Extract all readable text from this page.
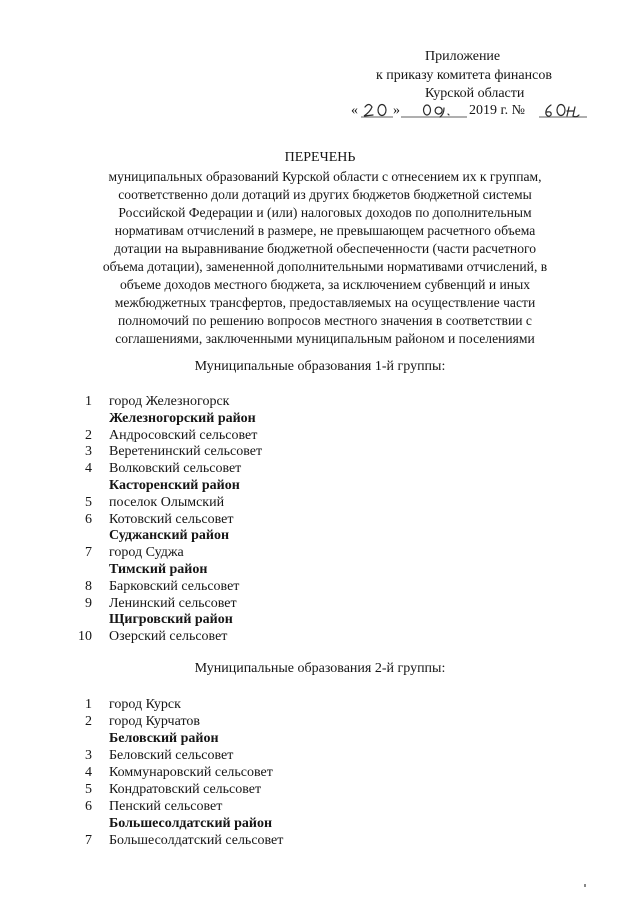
Приложение
к приказу комитета финансов
Курской области
«	»	2019 г. №
ПЕРЕЧЕНЬ
муниципальных образований Курской области с отнесением их к группам,
соответственно доли дотаций из других бюджетов бюджетной системы
Российской Федерации и (или) налоговых доходов по дополнительным
нормативам отчислений в размере, не превышающем расчетного объема
дотации на выравнивание бюджетной обеспеченности (части расчетного
объема дотации), замененной дополнительными нормативами отчислений, в
объеме доходов местного бюджета, за исключением субвенций и иных
межбюджетных трансфертов, предоставляемых на осуществление части
полномочий по решению вопросов местного значения в соответствии с
соглашениями, заключенными муниципальным районом и поселениями
Муниципальные образования 1-й группы:
1 город Железногорск
Железногорский район
2 Андросовский сельсовет
3 Веретенинский сельсовет
4 Волковский сельсовет
Касторенский район
5 поселок Олымский
6 Котовский сельсовет
Суджанский район
7 город Суджа
Тимский район
8 Барковский сельсовет
9 Ленинский сельсовет
Щигровский район
10 Озерский сельсовет
Муниципальные образования 2-й группы:
1 город Курск
2 город Курчатов
Беловский район
3 Беловский сельсовет
4 Коммунаровский сельсовет
5 Кондратовский сельсовет
6 Пенский сельсовет
Большесолдатский район
7 Большесолдатский сельсовет
